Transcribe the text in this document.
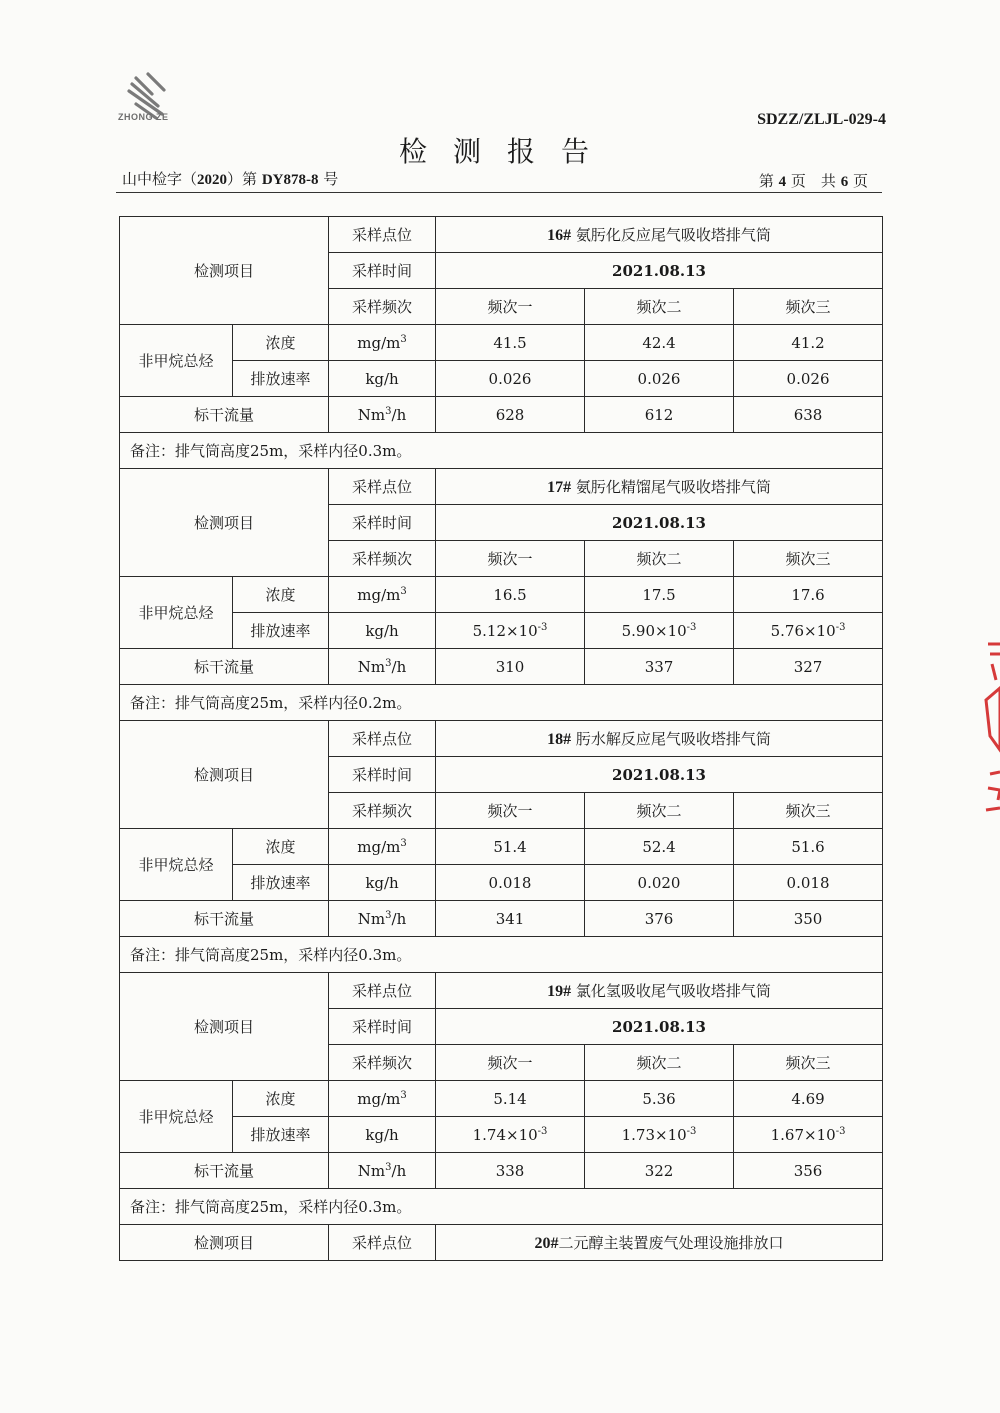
ZHONG ZE	SDZZ/ZLJL-029-4
检测报告
山中检字（2020）第 DY878-8 号	第 4 页　共 6 页
检测项目		采样点位	16# 氨肟化反应尾气吸收塔排气筒		
		采样时间	2021.08.13		
		采样频次	频次一	频次二	频次三
非甲烷总烃	浓度	$mg/m^3$	41.5	42.4	41.2
	排放速率	kg/h	0.026	0.026	0.026
标干流量		Nm$^3$/h	628	612	638
备注：排气筒高度25m，采样内径0.3m。					
检测项目		采样点位	17# 氨肟化精馏尾气吸收塔排气筒		
		采样时间	2021.08.13		
		采样频次	频次一	频次二	频次三
非甲烷总烃	浓度	$mg/m^3$	16.5	17.5	17.6
	排放速率	kg/h	$5.12\times 10^{-3}$	$5.90\times 10^{-3}$	$5.76\times 10^{-3}$
标干流量		Nm$^3$/h	310	337	327
备注：排气筒高度25m，采样内径0.2m。					
检测项目		采样点位	18# 肟水解反应尾气吸收塔排气筒		
		采样时间	2021.08.13		
		采样频次	频次一	频次二	频次三
非甲烷总烃	浓度	$mg/m^3$	51.4	52.4	51.6
	排放速率	kg/h	0.018	0.020	0.018
标干流量		Nm$^3$/h	341	376	350
备注：排气筒高度25m，采样内径0.3m。					
检测项目		采样点位	19# 氯化氢吸收尾气吸收塔排气筒		
		采样时间	2021.08.13		
		采样频次	频次一	频次二	频次三
非甲烷总烃	浓度	$mg/m^3$	5.14	5.36	4.69
	排放速率	kg/h	$1.74\times 10^{-3}$	$1.73\times 10^{-3}$	$1.67\times 10^{-3}$
标干流量		Nm$^3$/h	338	322	356
备注：排气筒高度25m，采样内径0.3m。					
检测项目		采样点位	20#二元醇主装置废气处理设施排放口		
